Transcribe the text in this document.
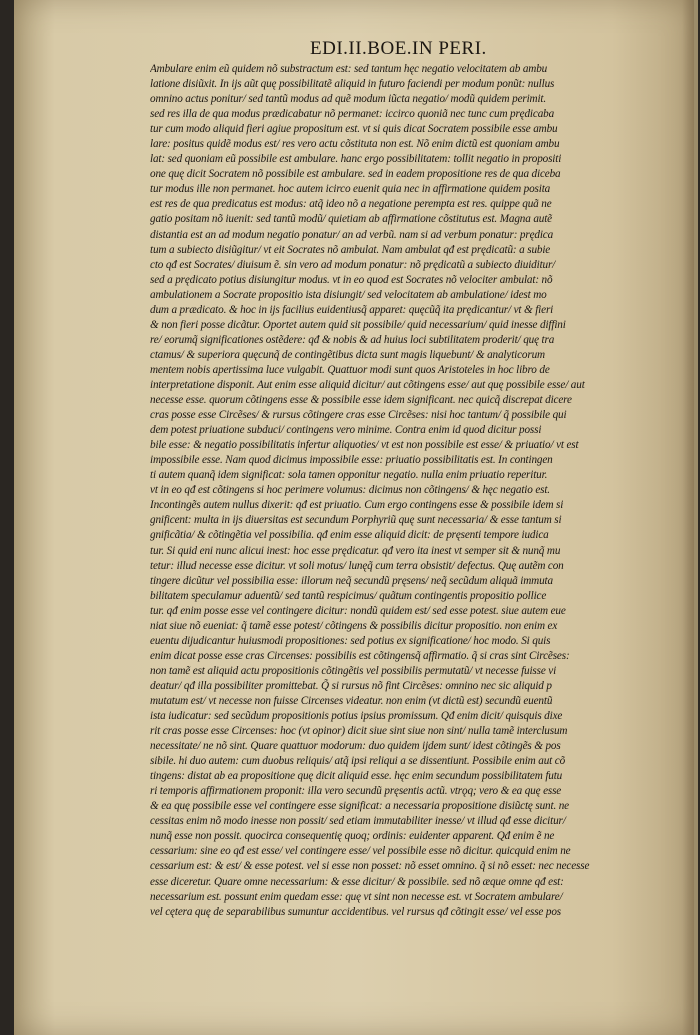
EDI.II.BOE.IN PERI.
Ambulare enim eũ quidem nõ substractum est: sed tantum hęc negatio velocitatem ab ambu
latione disiũxit. In ijs aũt quę possibilitatẽ aliquid in futuro faciendi per modum ponũt: nullus
omnino actus ponitur/ sed tantũ modus ad quẽ modum iũcta negatio/ modũ quidem perimit.
sed res illa de qua modus prædicabatur nõ permanet: iccirco quoniã nec tunc cum prędicaba
tur cum modo aliquid fieri agiue propositum est. vt si quis dicat Socratem possibile esse ambu
lare: positus quidẽ modus est/ res vero actu cõstituta non est. Nõ enim dictũ est quoniam ambu
lat: sed quoniam eũ possibile est ambulare. hanc ergo possibilitatem: tollit negatio in propositi
one quę dicit Socratem nõ possibile est ambulare. sed in eadem propositione res de qua diceba
tur modus ille non permanet. hoc autem icirco euenit quia nec in affirmatione quidem posita
est res de qua predicatus est modus: atq̃ ideo nõ a negatione perempta est res. quippe quã ne
gatio positam nõ iuenit: sed tantũ modũ/ quietiam ab affirmatione cõstitutus est. Magna autẽ
distantia est an ad modum negatio ponatur/ an ad verbũ. nam si ad verbum ponatur: prędica
tum a subiecto disiũgitur/ vt eit Socrates nõ ambulat. Nam ambulat qđ est prędicatũ: a subie
cto qđ est Socrates/ diuisum ẽ. sin vero ad modum ponatur: nõ prędicatũ a subiecto diuiditur/
sed a prędicato potius disiungitur modus. vt in eo quod est Socrates nõ velociter ambulat: nõ
ambulationem a Socrate propositio ista disiungit/ sed velocitatem ab ambulatione/ idest mo
dum a prædicato. & hoc in ijs facilius euidentiusq̃ apparet: quęcũq̃ ita prędicantur/ vt & fieri
& non fieri posse dicãtur. Oportet autem quid sit possibile/ quid necessarium/ quid inesse diffini
re/ eorumq̃ significationes ostẽdere: qđ & nobis & ad huius loci subtilitatem proderit/ quę tra
ctamus/ & superiora quęcunq̃ de contingẽtibus dicta sunt magis liquebunt/ & analyticorum
mentem nobis apertissima luce vulgabit. Quattuor modi sunt quos Aristoteles in hoc libro de
interpretatione disponit. Aut enim esse aliquid dicitur/ aut cõtingens esse/ aut quę possibile esse/ aut
necesse esse. quorum cõtingens esse & possibile esse idem significant. nec quicq̃ discrepat dicere
cras posse esse Circẽses/ & rursus cõtingere cras esse Circẽses: nisi hoc tantum/ q̃ possibile qui
dem potest priuatione subduci/ contingens vero minime. Contra enim id quod dicitur possi
bile esse: & negatio possibilitatis infertur aliquoties/ vt est non possibile est esse/ & priuatio/ vt est
impossibile esse. Nam quod dicimus impossibile esse: priuatio possibilitatis est. In contingen
ti autem quanq̃ idem significat: sola tamen opponitur negatio. nulla enim priuatio reperitur.
vt in eo qđ est cõtingens si hoc perimere volumus: dicimus non cõtingens/ & hęc negatio est.
Incontingẽs autem nullus dixerit: qđ est priuatio. Cum ergo contingens esse & possibile idem si
gnificent: multa in ijs diuersitas est secundum Porphyriũ quę sunt necessaria/ & esse tantum si
gnificãtia/ & cõtingẽtia vel possibilia. qđ enim esse aliquid dicit: de pręsenti tempore iudica
tur. Si quid eni nunc alicui inest: hoc esse prędicatur. qđ vero ita inest vt semper sit & nunq̃ mu
tetur: illud necesse esse dicitur. vt soli motus/ lunęq̃ cum terra obsistit/ defectus. Quę autẽm con
tingere dicũtur vel possibilia esse: illorum neq̃ secundũ pręsens/ neq̃ secũdum aliquã immuta
bilitatem speculamur aduentũ/ sed tantũ respicimus/ quãtum contingentis propositio pollice
tur. qđ enim posse esse vel contingere dicitur: nondũ quidem est/ sed esse potest. siue autem eue
niat siue nõ eueniat: q̃ tamẽ esse potest/ cõtingens & possibilis dicitur propositio. non enim ex
euentu dijudicantur huiusmodi propositiones: sed potius ex significatione/ hoc modo. Si quis
enim dicat posse esse cras Circenses: possibilis est cõtingensq̃ affirmatio. q̃ si cras sint Circẽses:
non tamẽ est aliquid actu propositionis cõtingẽtis vel possibilis permutatũ/ vt necesse fuisse vi
deatur/ qđ illa possibiliter promittebat. Q̃ si rursus nõ fint Circẽses: omnino nec sic aliquid p
mutatum est/ vt necesse non fuisse Circenses videatur. non enim (vt dictũ est) secundũ euentũ
ista iudicatur: sed secũdum propositionis potius ipsius promissum. Qđ enim dicit/ quisquis dixe
rit cras posse esse Circenses: hoc (vt opinor) dicit siue sint siue non sint/ nulla tamẽ interclusum
necessitate/ ne nõ sint. Quare quattuor modorum: duo quidem ijdem sunt/ idest cõtingẽs & pos
sibile. hi duo autem: cum duobus reliquis/ atq̃ ipsi reliqui a se dissentiunt. Possibile enim aut cõ
tingens: distat ab ea propositione quę dicit aliquid esse. hęc enim secundum possibilitatem futu
ri temporis affirmationem proponit: illa vero secundũ pręsentis actũ. vtrǫq; vero & ea quę esse
& ea quę possibile esse vel contingere esse significat: a necessaria propositione disiũctę sunt. ne
cessitas enim nõ modo inesse non possit/ sed etiam immutabiliter inesse/ vt illud qđ esse dicitur/
nunq̃ esse non possit. quocirca consequentię quoq; ordinis: euidenter apparent. Qđ enim ẽ ne
cessarium: sine eo qđ est esse/ vel contingere esse/ vel possibile esse nõ dicitur. quicquid enim ne
cessarium est: & est/ & esse potest. vel si esse non posset: nõ esset omnino. q̃ si nõ esset: nec necesse
esse diceretur. Quare omne necessarium: & esse dicitur/ & possibile. sed nõ æque omne qđ est:
necessarium est. possunt enim quedam esse: quę vt sint non necesse est. vt Socratem ambulare/
vel cętera quę de separabilibus sumuntur accidentibus. vel rursus qđ cõtingit esse/ vel esse pos
